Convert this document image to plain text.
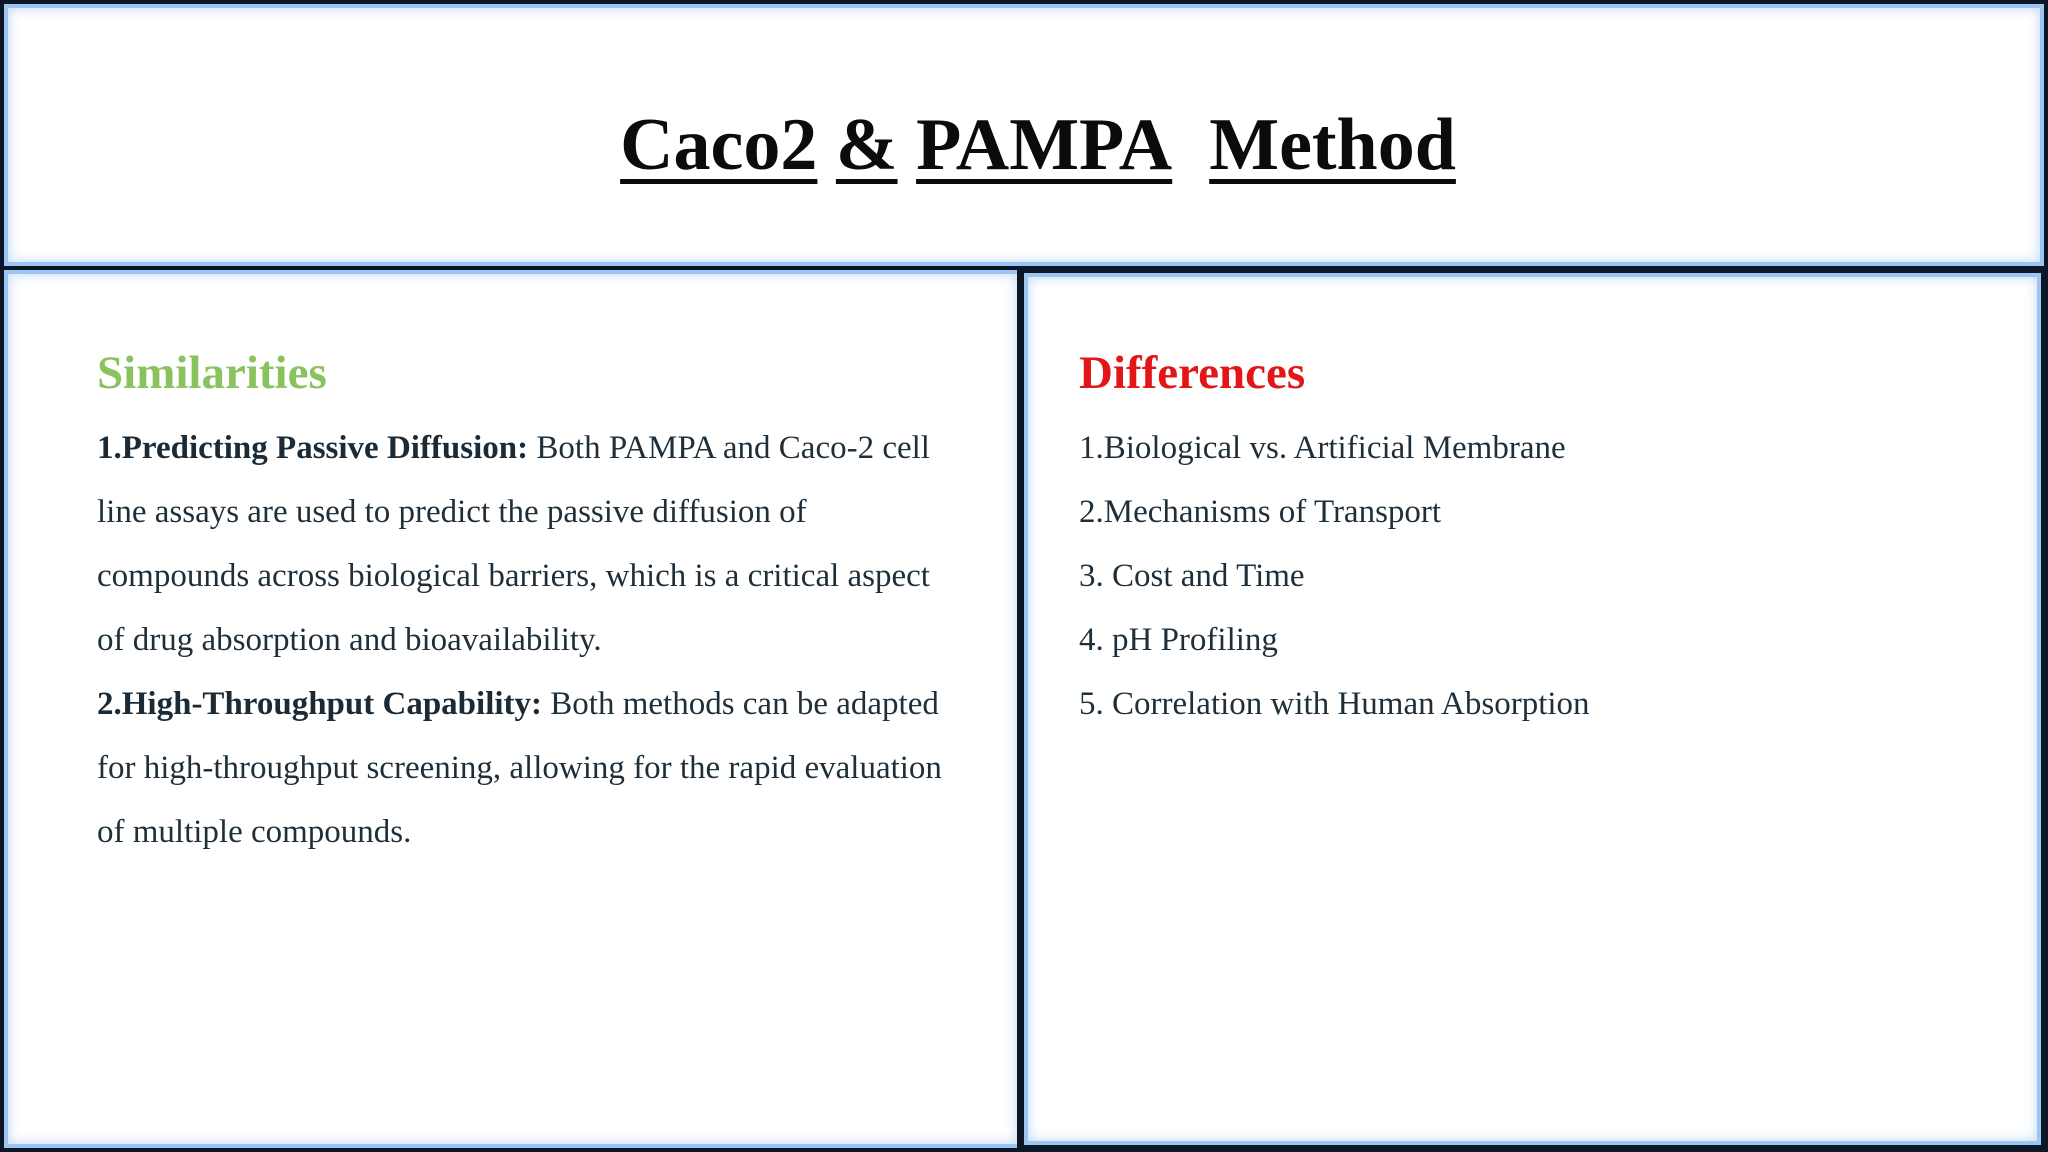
Caco2 & PAMPA Method
Similarities
1.Predicting Passive Diffusion: Both PAMPA and Caco-2 cell line assays are used to predict the passive diffusion of compounds across biological barriers, which is a critical aspect of drug absorption and bioavailability.
2.High-Throughput Capability: Both methods can be adapted for high-throughput screening, allowing for the rapid evaluation of multiple compounds.
Differences
1.Biological vs. Artificial Membrane
2.Mechanisms of Transport
3. Cost and Time
4. pH Profiling
5. Correlation with Human Absorption
